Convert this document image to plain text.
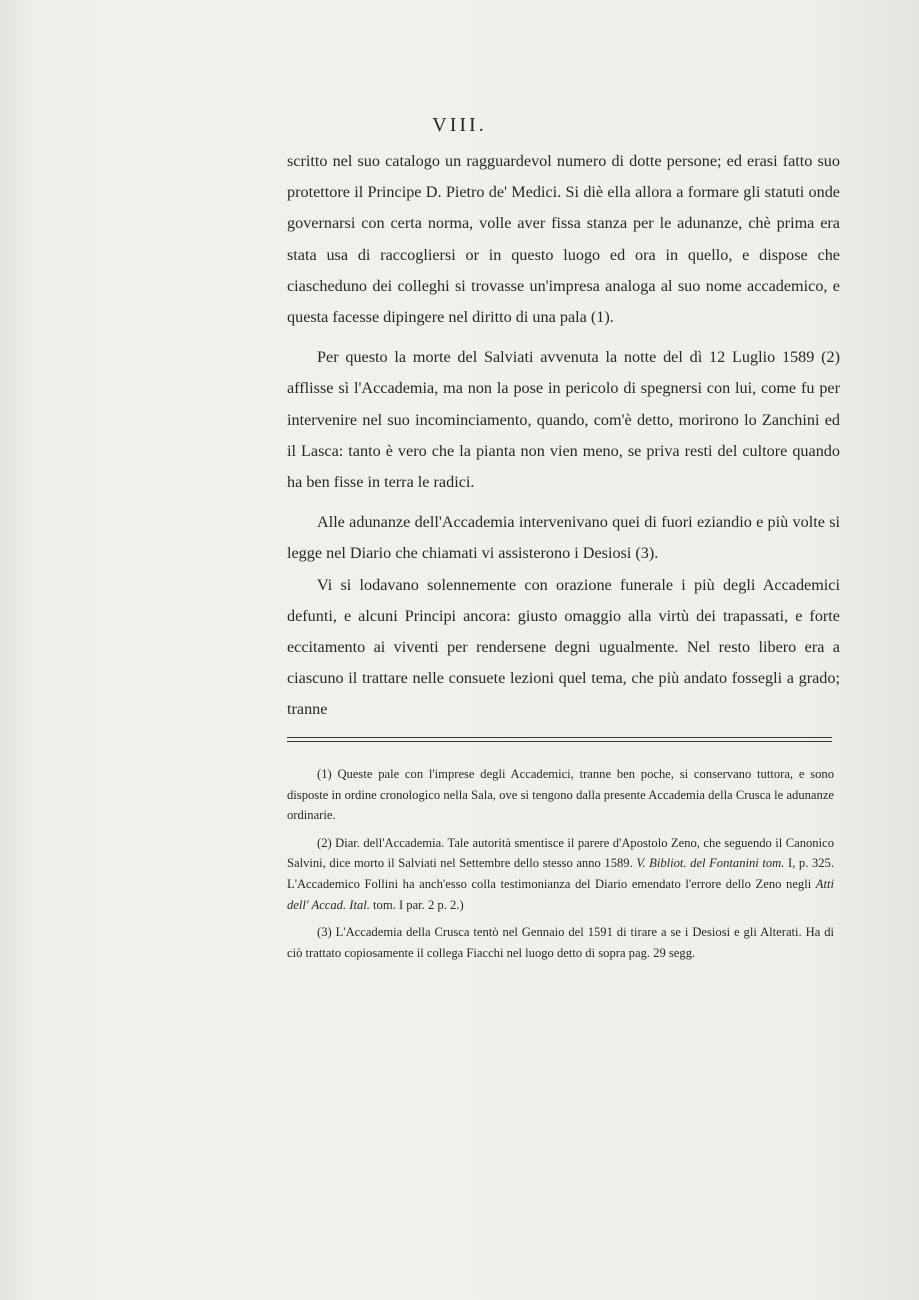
VIII.

scritto nel suo catalogo un ragguardevol numero di dotte persone; ed erasi fatto suo protettore il Principe D. Pietro de' Medici. Si diè ella allora a formare gli statuti onde governarsi con certa norma, volle aver fissa stanza per le adunanze, chè prima era stata usa di raccogliersi or in questo luogo ed ora in quello, e dispose che ciascheduno dei colleghi si trovasse un'impresa analoga al suo nome accademico, e questa facesse dipingere nel diritto di una pala (1).

Per questo la morte del Salviati avvenuta la notte del dì 12 Luglio 1589 (2) afflisse sì l'Accademia, ma non la pose in pericolo di spegnersi con lui, come fu per intervenire nel suo incominciamento, quando, com'è detto, morirono lo Zanchini ed il Lasca: tanto è vero che la pianta non vien meno, se priva resti del cultore quando ha ben fisse in terra le radici.

Alle adunanze dell'Accademia intervenivano quei di fuori eziandio e più volte si legge nel Diario che chiamati vi assisterono i Desiosi (3).

Vi si lodavano solennemente con orazione funerale i più degli Accademici defunti, e alcuni Principi ancora: giusto omaggio alla virtù dei trapassati, e forte eccitamento ai viventi per rendersene degni ugualmente. Nel resto libero era a ciascuno il trattare nelle consuete lezioni quel tema, che più andato fossegli a grado; tranne

(1) Queste pale con l'imprese degli Accademici, tranne ben poche, si conservano tuttora, e sono disposte in ordine cronologico nella Sala, ove si tengono dalla presente Accademia della Crusca le adunanze ordinarie.

(2) Diar. dell'Accademia. Tale autorità smentisce il parere d'Apostolo Zeno, che seguendo il Canonico Salvini, dice morto il Salviati nel Settembre dello stesso anno 1589. V. Bibliot. del Fontanini tom. I, p. 325. L'Accademico Follini ha anch'esso colla testimonianza del Diario emendato l'errore dello Zeno negli Atti dell' Accad. Ital. tom. I par. 2 p. 2.)

(3) L'Accademia della Crusca tentò nel Gennaio del 1591 di tirare a se i Desiosi e gli Alterati. Ha di ciò trattato copiosamente il collega Fiacchi nel luogo detto di sopra pag. 29 segg.
